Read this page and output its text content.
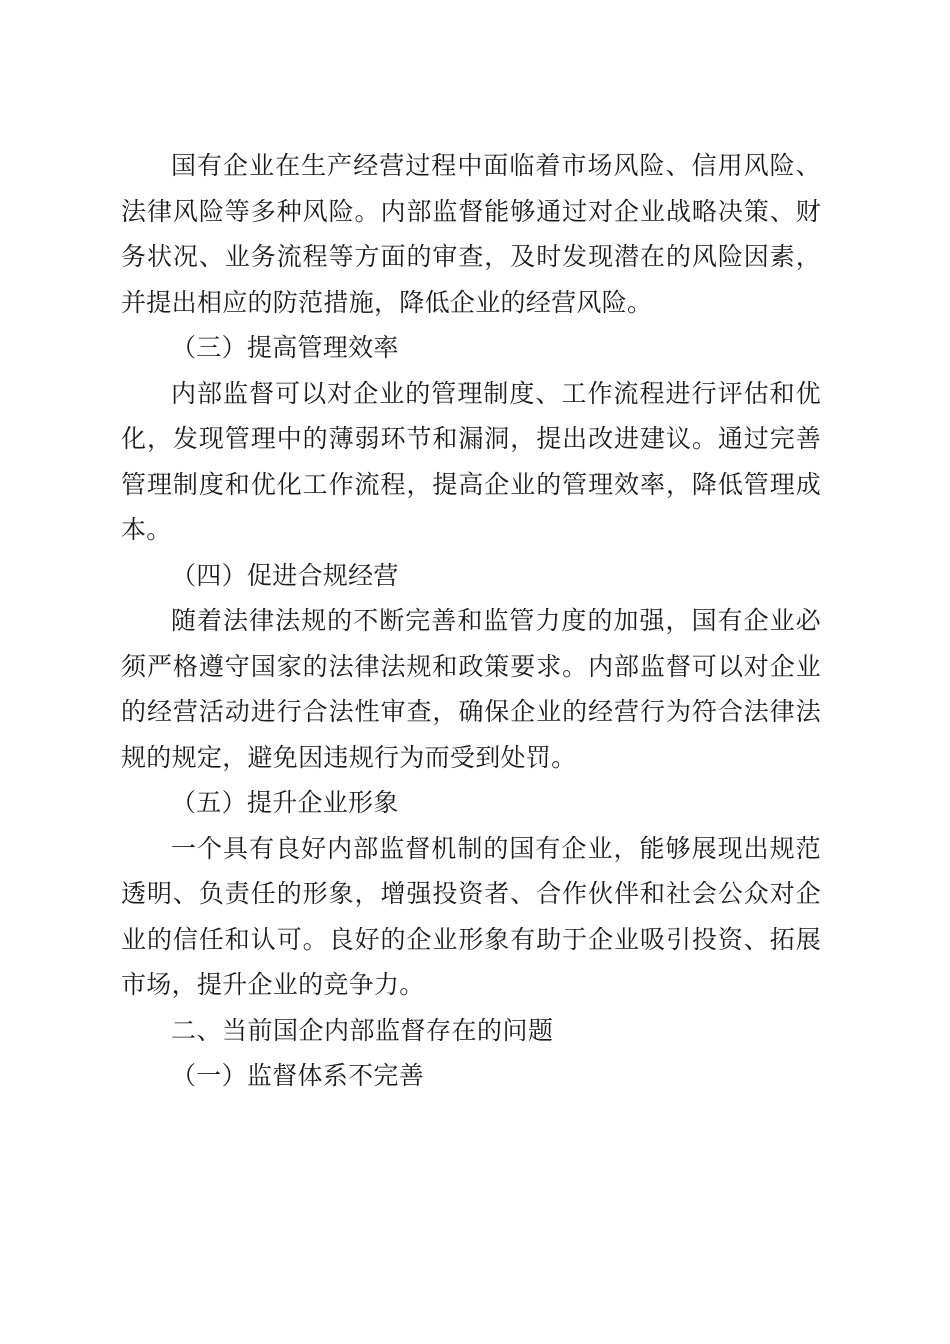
国有企业在生产经营过程中面临着市场风险、信用风险、法律风险等多种风险。内部监督能够通过对企业战略决策、财务状况、业务流程等方面的审查，及时发现潜在的风险因素，并提出相应的防范措施，降低企业的经营风险。

（三）提高管理效率

内部监督可以对企业的管理制度、工作流程进行评估和优化，发现管理中的薄弱环节和漏洞，提出改进建议。通过完善管理制度和优化工作流程，提高企业的管理效率，降低管理成本。

（四）促进合规经营

随着法律法规的不断完善和监管力度的加强，国有企业必须严格遵守国家的法律法规和政策要求。内部监督可以对企业的经营活动进行合法性审查，确保企业的经营行为符合法律法规的规定，避免因违规行为而受到处罚。

（五）提升企业形象

一个具有良好内部监督机制的国有企业，能够展现出规范透明、负责任的形象，增强投资者、合作伙伴和社会公众对企业的信任和认可。良好的企业形象有助于企业吸引投资、拓展市场，提升企业的竞争力。

二、当前国企内部监督存在的问题

（一）监督体系不完善
